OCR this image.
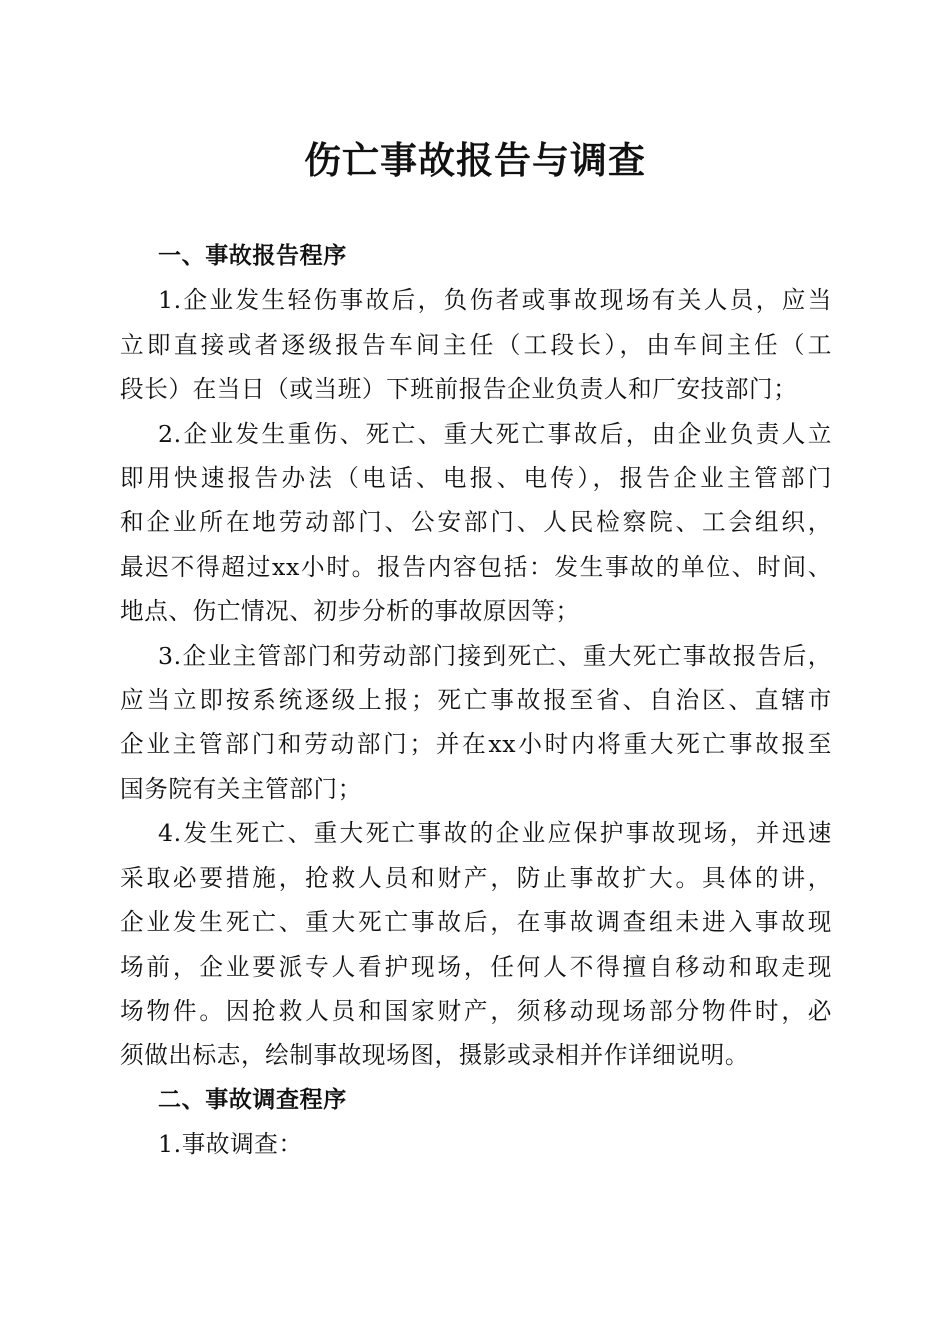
伤亡事故报告与调查
一、事故报告程序

1.企业发生轻伤事故后，负伤者或事故现场有关人员，应当
立即直接或者逐级报告车间主任（工段长），由车间主任（工
段长）在当日（或当班）下班前报告企业负责人和厂安技部门；

2.企业发生重伤、死亡、重大死亡事故后，由企业负责人立
即用快速报告办法（电话、电报、电传），报告企业主管部门
和企业所在地劳动部门、公安部门、人民检察院、工会组织，
最迟不得超过xx小时。报告内容包括：发生事故的单位、时间、
地点、伤亡情况、初步分析的事故原因等；

3.企业主管部门和劳动部门接到死亡、重大死亡事故报告后，
应当立即按系统逐级上报；死亡事故报至省、自治区、直辖市
企业主管部门和劳动部门；并在xx小时内将重大死亡事故报至
国务院有关主管部门；

4.发生死亡、重大死亡事故的企业应保护事故现场，并迅速
采取必要措施，抢救人员和财产，防止事故扩大。具体的讲，
企业发生死亡、重大死亡事故后，在事故调查组未进入事故现
场前，企业要派专人看护现场，任何人不得擅自移动和取走现
场物件。因抢救人员和国家财产，须移动现场部分物件时，必
须做出标志，绘制事故现场图，摄影或录相并作详细说明。

二、事故调查程序

1.事故调查：
